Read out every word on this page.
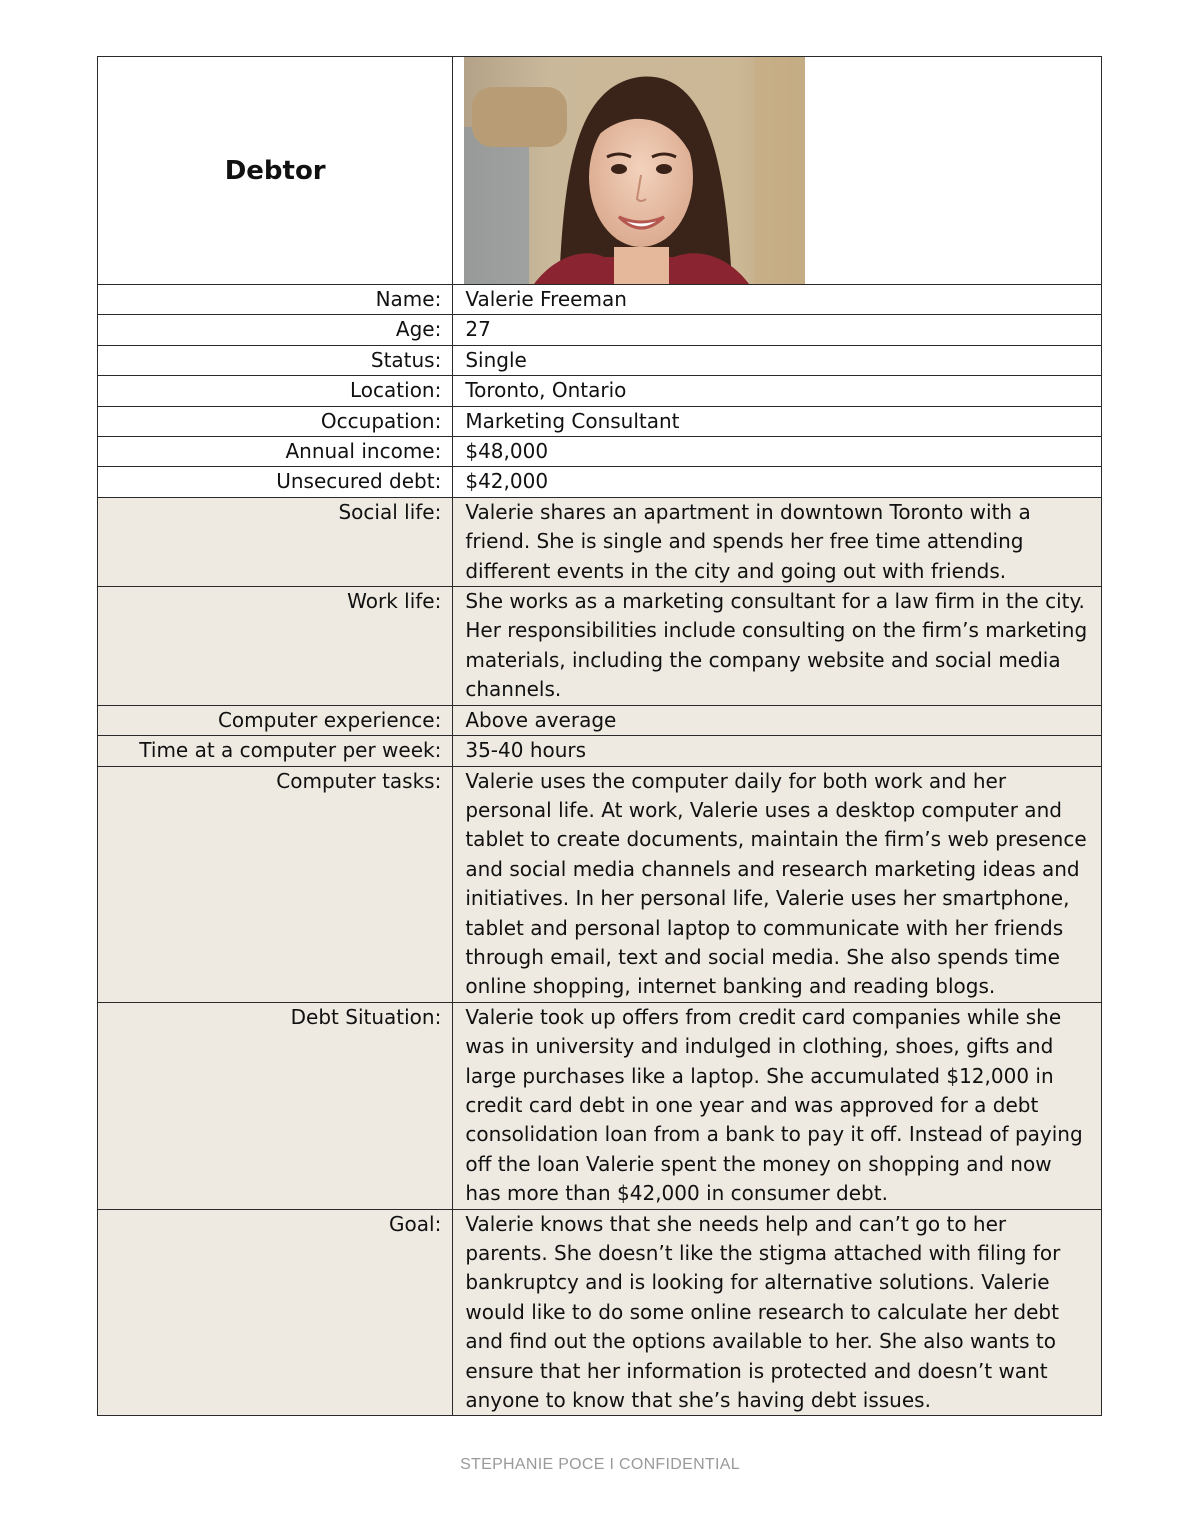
Debtor	

Name:	Valerie Freeman
Age:	27
Status:	Single
Location:	Toronto, Ontario
Occupation:	Marketing Consultant
Annual income:	$48,000
Unsecured debt:	$42,000
Social life:	Valerie shares an apartment in downtown Toronto with a friend. She is single and spends her free time attending different events in the city and going out with friends.
Work life:	She works as a marketing consultant for a law firm in the city. Her responsibilities include consulting on the firm’s marketing materials, including the company website and social media channels.
Computer experience:	Above average
Time at a computer per week:	35-40 hours
Computer tasks:	Valerie uses the computer daily for both work and her personal life. At work, Valerie uses a desktop computer and tablet to create documents, maintain the firm’s web presence and social media channels and research marketing ideas and initiatives. In her personal life, Valerie uses her smartphone, tablet and personal laptop to communicate with her friends through email, text and social media. She also spends time online shopping, internet banking and reading blogs.
Debt Situation:	Valerie took up offers from credit card companies while she was in university and indulged in clothing, shoes, gifts and large purchases like a laptop. She accumulated $12,000 in credit card debt in one year and was approved for a debt consolidation loan from a bank to pay it off. Instead of paying off the loan Valerie spent the money on shopping and now has more than $42,000 in consumer debt.
Goal:	Valerie knows that she needs help and can’t go to her parents. She doesn’t like the stigma attached with filing for bankruptcy and is looking for alternative solutions. Valerie would like to do some online research to calculate her debt and find out the options available to her. She also wants to ensure that her information is protected and doesn’t want anyone to know that she’s having debt issues.
STEPHANIE POCE I CONFIDENTIAL
